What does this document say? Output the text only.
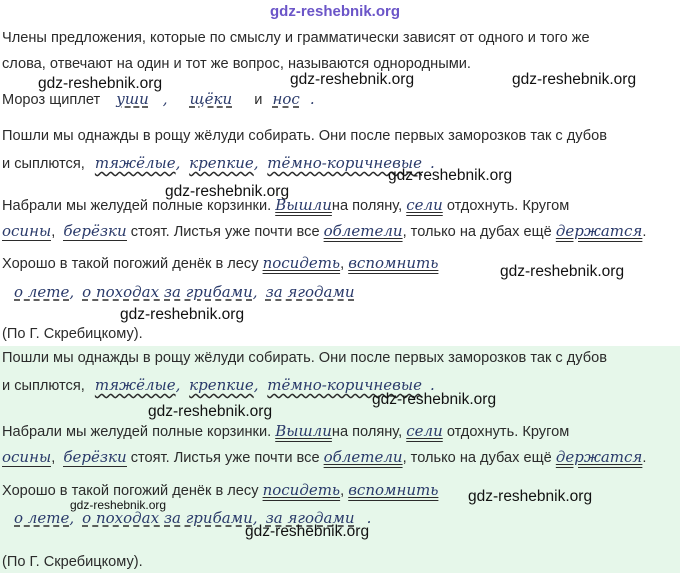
gdz-reshebnik.org
Члены предложения, которые по смыслу и грамматически зависят от одного и того же
слова, отвечают на один и тот же вопрос, называются однородными.
gdz-reshebnik.org	gdz-reshebnik.org	gdz-reshebnik.org
Мороз щиплет уши , щёки и нос .
Пошли мы однажды в рощу жёлуди собирать. Они после первых заморозков так с дубов
и сыплются, тяжёлые, крепкие, тёмно-коричневые .
gdz-reshebnik.org
gdz-reshebnik.org
Набрали мы желудей полные корзинки. Вышлина поляну, сели отдохнуть. Кругом
осины, берёзки стоят. Листья уже почти все облетели, только на дубах ещё держатся.
Хорошо в такой погожий денёк в лесу посидеть, вспомнить	gdz-reshebnik.org
о лете, о походах за грибами, за ягодами
gdz-reshebnik.org
(По Г. Скребицкому).
Пошли мы однажды в рощу жёлуди собирать. Они после первых заморозков так с дубов
и сыплются, тяжёлые, крепкие, тёмно-коричневые .
gdz-reshebnik.org
gdz-reshebnik.org
Набрали мы желудей полные корзинки. Вышлина поляну, сели отдохнуть. Кругом
осины, берёзки стоят. Листья уже почти все облетели, только на дубах ещё держатся.
Хорошо в такой погожий денёк в лесу посидеть, вспомнить gdz-reshebnik.org
gdz-reshebnik.org
о лете, о походах за грибами, за ягодами .
gdz-reshebnik.org
(По Г. Скребицкому).
